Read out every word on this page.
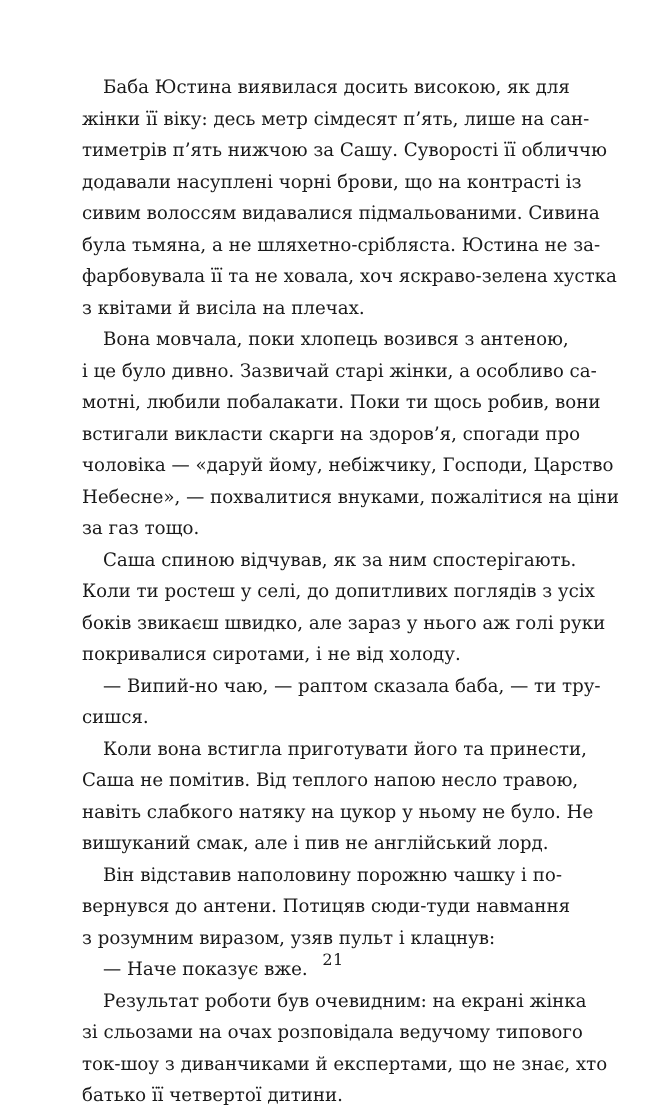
Баба Юстина виявилася досить високою, як для
жінки її віку: десь метр сімдесят п’ять, лише на сан-
тиметрів п’ять нижчою за Сашу. Суворості її обличчю
додавали насуплені чорні брови, що на контрасті із
сивим волоссям видавалися підмальованими. Сивина
була тьмяна, а не шляхетно-срібляста. Юстина не за-
фарбовувала її та не ховала, хоч яскраво-зелена хустка
з квітами й висіла на плечах.

Вона мовчала, поки хлопець возився з антеною,
і це було дивно. Зазвичай старі жінки, а особливо са-
мотні, любили побалакати. Поки ти щось робив, вони
встигали викласти скарги на здоров’я, спогади про
чоловіка — «даруй йому, небіжчику, Господи, Царство
Небесне», — похвалитися внуками, пожалітися на ціни
за газ тощо.

Саша спиною відчував, як за ним спостерігають.
Коли ти ростеш у селі, до допитливих поглядів з усіх
боків звикаєш швидко, але зараз у нього аж голі руки
покривалися сиротами, і не від холоду.

— Випий-но чаю, — раптом сказала баба, — ти тру-
сишся.

Коли вона встигла приготувати його та принести,
Саша не помітив. Від теплого напою несло травою,
навіть слабкого натяку на цукор у ньому не було. Не
вишуканий смак, але і пив не англійський лорд.

Він відставив наполовину порожню чашку і по-
вернувся до антени. Потицяв сюди-туди навмання
з розумним виразом, узяв пульт і клацнув:

— Наче показує вже.

Результат роботи був очевидним: на екрані жінка
зі сльозами на очах розповідала ведучому типового
ток-шоу з диванчиками й експертами, що не знає, хто
батько її четвертої дитини.

21
